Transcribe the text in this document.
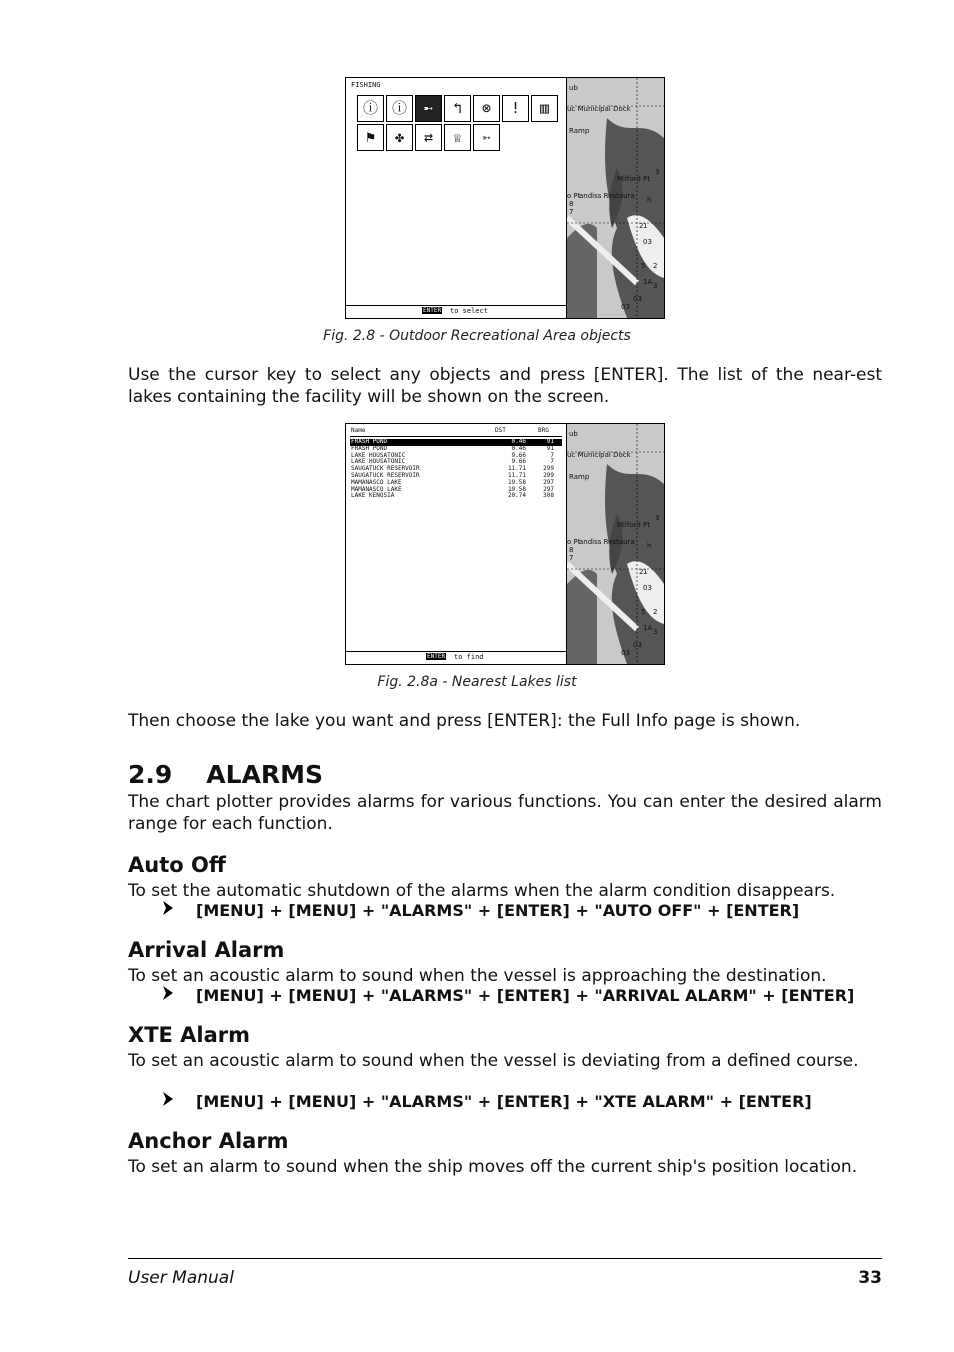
FISHING
ⓘ ⓘ	➸	↰	⊗	!	▥
⚑	✤	⇄	♕	➳
ENTER to select
ub
uc Municipal Dock
Ramp
Milford Pt
o Pt
andiss Restaura
8
7
3
h
2 1
03
5
3
1A
2
03
03
Fig. 2.8 - Outdoor Recreational Area objects
Use the cursor key to select any objects and press [ENTER]. The list of the near-est lakes containing the facility will be shown on the screen.
Name	DST	BRG
FRASH POND	0.46	91
FRASH POND	0.46	91
LAKE HOUSATONIC	9.66	7
LAKE HOUSATONIC	9.66	7
SAUGATUCK RESERVOIR	11.71	299
SAUGATUCK RESERVOIR	11.71	299
MAMANASCO LAKE	19.58	297
MAMANASCO LAKE	19.58	297
LAKE KENOSIA	20.74	308
ENTER to find
ub
uc Municipal Dock
Ramp
Milford Pt
o Pt
andiss Restaura
8
7
3
h
2 1
03
5
3
1A
2
03
03
Fig. 2.8a - Nearest Lakes list
Then choose the lake you want and press [ENTER]: the Full Info page is shown.
2.9 ALARMS
The chart plotter provides alarms for various functions. You can enter the desired alarm range for each function.
Auto Off
To set the automatic shutdown of the alarms when the alarm condition disappears.
[MENU] + [MENU] + "ALARMS" + [ENTER] + "AUTO OFF" + [ENTER]
Arrival Alarm
To set an acoustic alarm to sound when the vessel is approaching the destination.
[MENU] + [MENU] + "ALARMS" + [ENTER] + "ARRIVAL ALARM" + [ENTER]
XTE Alarm
To set an acoustic alarm to sound when the vessel is deviating from a defined course.
[MENU] + [MENU] + "ALARMS" + [ENTER] + "XTE ALARM" + [ENTER]
Anchor Alarm
To set an alarm to sound when the ship moves off the current ship's position location.
User Manual	33
